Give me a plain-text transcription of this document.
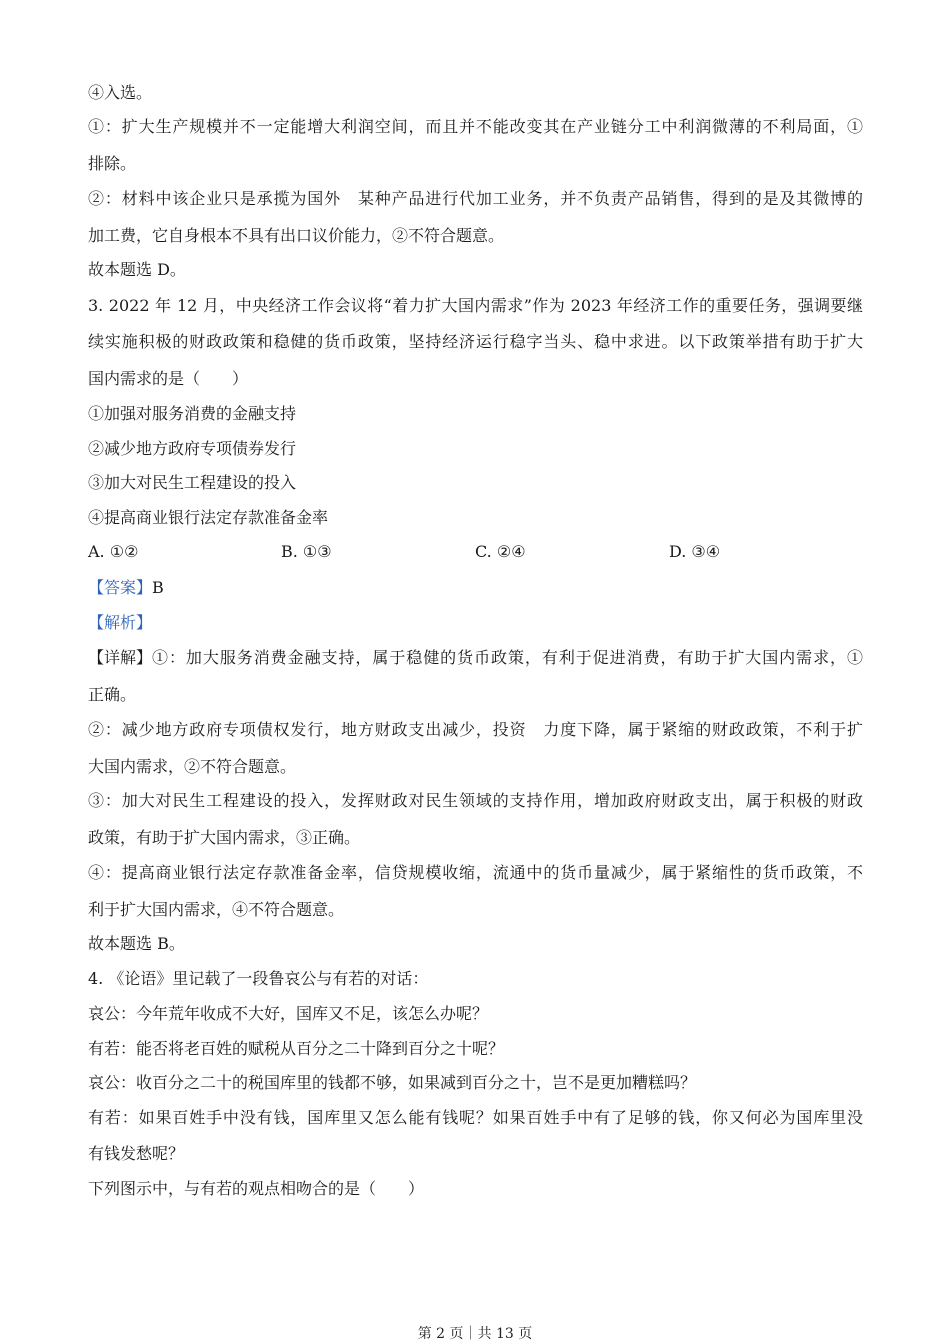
④入选。
①：扩大生产规模并不一定能增大利润空间，而且并不能改变其在产业链分工中利润微薄的不利局面，①
排除。
②：材料中该企业只是承揽为国外　某种产品进行代加工业务，并不负责产品销售，得到的是及其微博的
加工费，它自身根本不具有出口议价能力，②不符合题意。
故本题选 D。
3. 2022 年 12 月，中央经济工作会议将“着力扩大国内需求”作为 2023 年经济工作的重要任务，强调要继
续实施积极的财政政策和稳健的货币政策，坚持经济运行稳字当头、稳中求进。以下政策举措有助于扩大
国内需求的是（　　）
①加强对服务消费的金融支持
②减少地方政府专项债券发行
③加大对民生工程建设的投入
④提高商业银行法定存款准备金率
A. ①②	B. ①③	C. ②④	D. ③④
【答案】B
【解析】
【详解】 ①：加大服务消费金融支持，属于稳健的货币政策，有利于促进消费，有助于扩大国内需求，①
正确。
②：减少地方政府专项债权发行，地方财政支出减少，投资　力度下降，属于紧缩的财政政策，不利于扩
大国内需求，②不符合题意。
③：加大对民生工程建设的投入，发挥财政对民生领域的支持作用，增加政府财政支出，属于积极的财政
政策，有助于扩大国内需求，③正确。
④：提高商业银行法定存款准备金率，信贷规模收缩，流通中的货币量减少，属于紧缩性的货币政策，不
利于扩大国内需求，④不符合题意。
故本题选 B。
4. 《论语》里记载了一段鲁哀公与有若的对话：
哀公：今年荒年收成不大好，国库又不足，该怎么办呢？
有若：能否将老百姓的赋税从百分之二十降到百分之十呢？
哀公：收百分之二十的税国库里的钱都不够，如果减到百分之十，岂不是更加糟糕吗？
有若：如果百姓手中没有钱，国库里又怎么能有钱呢？如果百姓手中有了足够的钱，你又何必为国库里没
有钱发愁呢？
下列图示中，与有若的观点相吻合的是（　　）
第 2 页｜共 13 页
